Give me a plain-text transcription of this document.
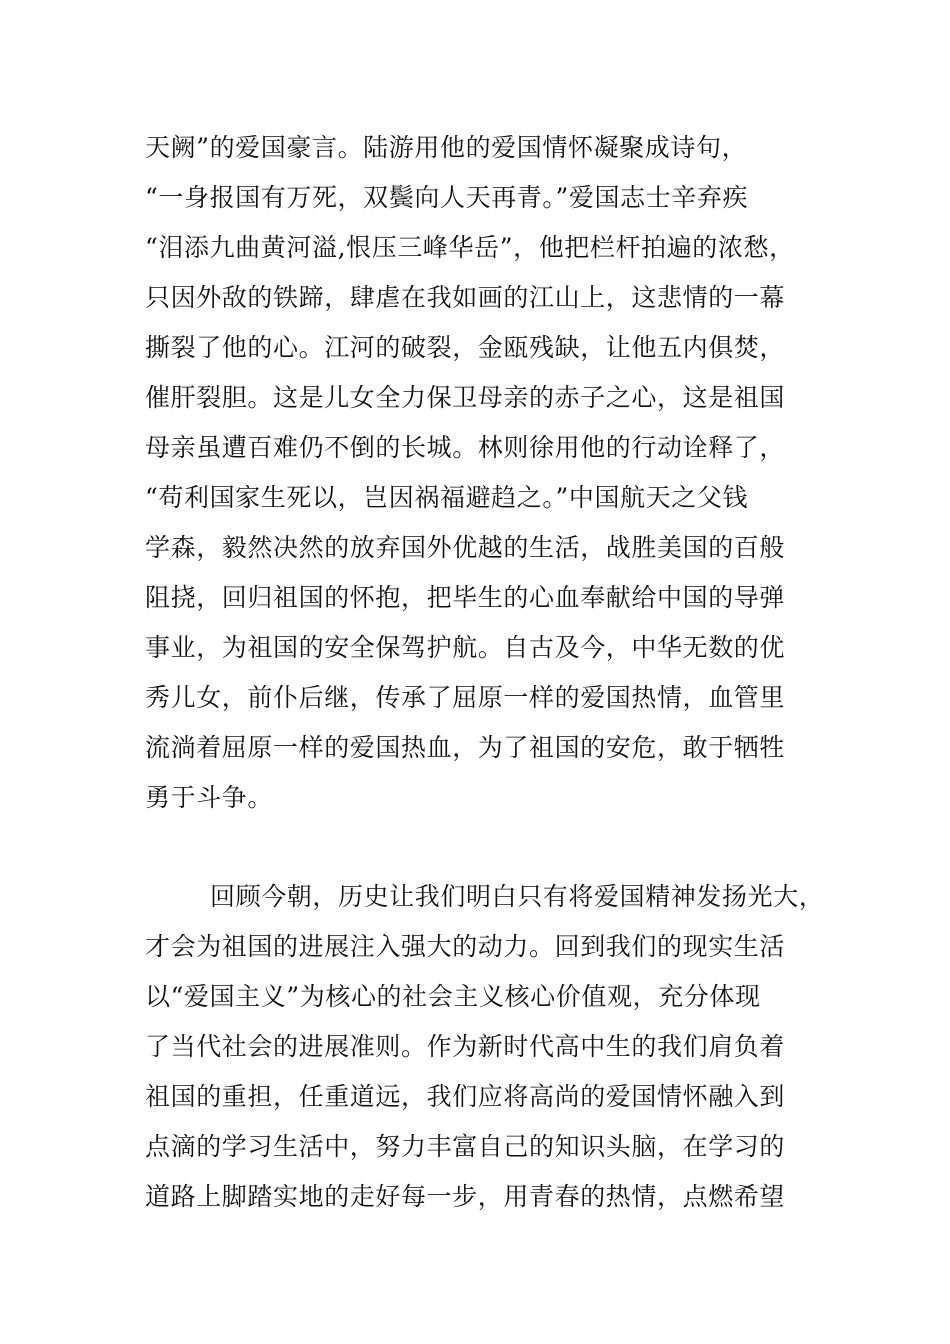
天阙”的爱国豪言。陆游用他的爱国情怀凝聚成诗句，
“一身报国有万死，双鬓向人天再青。”爱国志士辛弃疾
“泪添九曲黄河溢,恨压三峰华岳”，他把栏杆拍遍的浓愁，
只因外敌的铁蹄，肆虐在我如画的江山上，这悲情的一幕
撕裂了他的心。江河的破裂，金瓯残缺，让他五内俱焚，
催肝裂胆。这是儿女全力保卫母亲的赤子之心，这是祖国
母亲虽遭百难仍不倒的长城。林则徐用他的行动诠释了，
“苟利国家生死以，岂因祸福避趋之。”中国航天之父钱
学森，毅然决然的放弃国外优越的生活，战胜美国的百般
阻挠，回归祖国的怀抱，把毕生的心血奉献给中国的导弹
事业，为祖国的安全保驾护航。自古及今，中华无数的优
秀儿女，前仆后继，传承了屈原一样的爱国热情，血管里
流淌着屈原一样的爱国热血，为了祖国的安危，敢于牺牲
勇于斗争。
回顾今朝，历史让我们明白只有将爱国精神发扬光大，
才会为祖国的进展注入强大的动力。回到我们的现实生活
以“爱国主义”为核心的社会主义核心价值观，充分体现
了当代社会的进展准则。作为新时代高中生的我们肩负着
祖国的重担，任重道远，我们应将高尚的爱国情怀融入到
点滴的学习生活中，努力丰富自己的知识头脑，在学习的
道路上脚踏实地的走好每一步，用青春的热情，点燃希望
